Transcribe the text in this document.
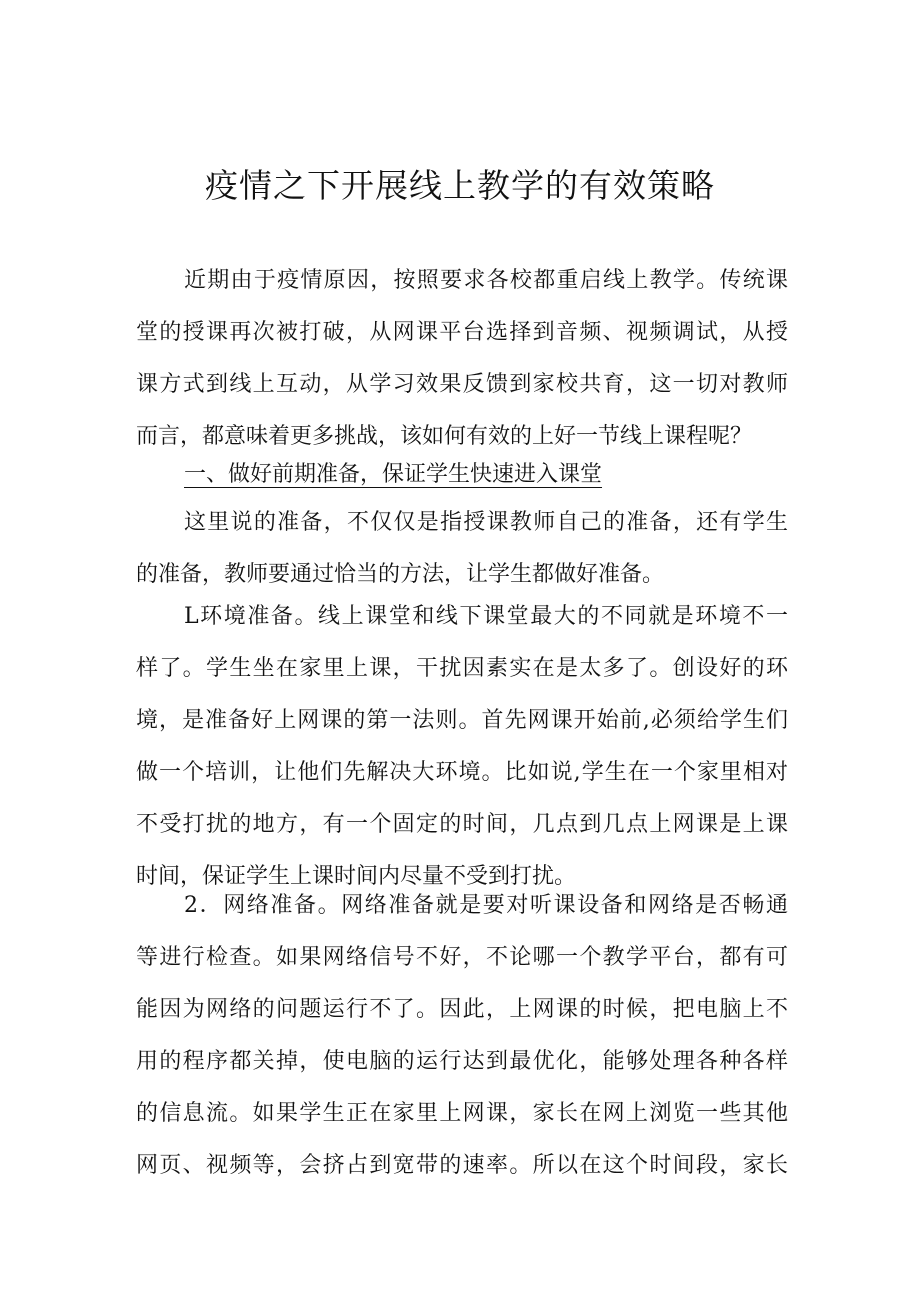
疫情之下开展线上教学的有效策略
近期由于疫情原因，按照要求各校都重启线上教学。传统课
堂的授课再次被打破，从网课平台选择到音频、视频调试，从授
课方式到线上互动，从学习效果反馈到家校共育，这一切对教师
而言，都意味着更多挑战，该如何有效的上好一节线上课程呢？
一、做好前期准备，保证学生快速进入课堂
这里说的准备，不仅仅是指授课教师自己的准备，还有学生
的准备，教师要通过恰当的方法，让学生都做好准备。
L环境准备。线上课堂和线下课堂最大的不同就是环境不一
样了。学生坐在家里上课，干扰因素实在是太多了。创设好的环
境，是准备好上网课的第一法则。首先网课开始前,必须给学生们
做一个培训，让他们先解决大环境。比如说,学生在一个家里相对
不受打扰的地方，有一个固定的时间，几点到几点上网课是上课
时间，保证学生上课时间内尽量不受到打扰。
2．网络准备。网络准备就是要对听课设备和网络是否畅通
等进行检查。如果网络信号不好，不论哪一个教学平台，都有可
能因为网络的问题运行不了。因此，上网课的时候，把电脑上不
用的程序都关掉，使电脑的运行达到最优化，能够处理各种各样
的信息流。如果学生正在家里上网课，家长在网上浏览一些其他
网页、视频等，会挤占到宽带的速率。所以在这个时间段，家长
